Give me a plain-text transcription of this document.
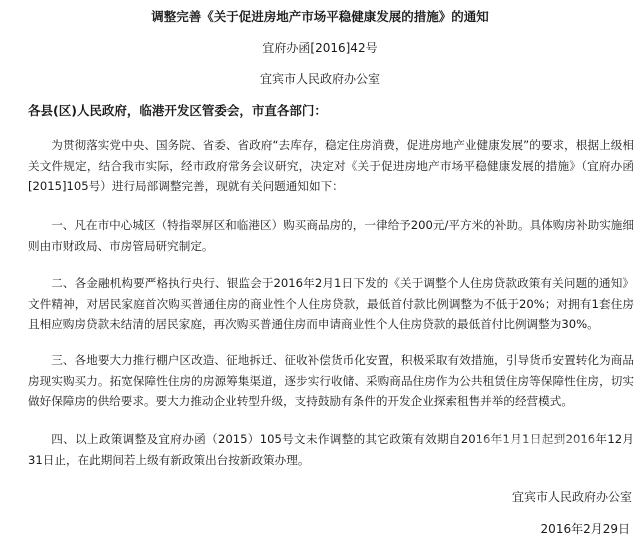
调整完善《关于促进房地产市场平稳健康发展的措施》的通知
宜府办函[2016]42号
宜宾市人民政府办公室
各县(区)人民政府，临港开发区管委会，市直各部门：

为贯彻落实党中央、国务院、省委、省政府“去库存，稳定住房消费，促进房地产业健康发展”的要求，根据上级相关文件规定，结合我市实际，经市政府常务会议研究，决定对《关于促进房地产市场平稳健康发展的措施》（宜府办函[2015]105号）进行局部调整完善，现就有关问题通知如下：

一、凡在市中心城区（特指翠屏区和临港区）购买商品房的，一律给予200元/平方米的补助。具体购房补助实施细则由市财政局、市房管局研究制定。

二、各金融机构要严格执行央行、银监会于2016年2月1日下发的《关于调整个人住房贷款政策有关问题的通知》文件精神，对居民家庭首次购买普通住房的商业性个人住房贷款，最低首付款比例调整为不低于20%；对拥有1套住房且相应购房贷款未结清的居民家庭，再次购买普通住房而申请商业性个人住房贷款的最低首付比例调整为30%。

三、各地要大力推行棚户区改造、征地拆迁、征收补偿货币化安置，积极采取有效措施，引导货币安置转化为商品房现实购买力。拓宽保障性住房的房源筹集渠道，逐步实行收储、采购商品住房作为公共租赁住房等保障性住房，切实做好保障房的供给要求。要大力推动企业转型升级，支持鼓励有条件的开发企业探索租售并举的经营模式。

四、以上政策调整及宜府办函（2015）105号文未作调整的其它政策有效期自2016年1月1日起到2016年12月31日止，在此期间若上级有新政策出台按新政策办理。

宜宾市人民政府办公室
2016年2月29日
